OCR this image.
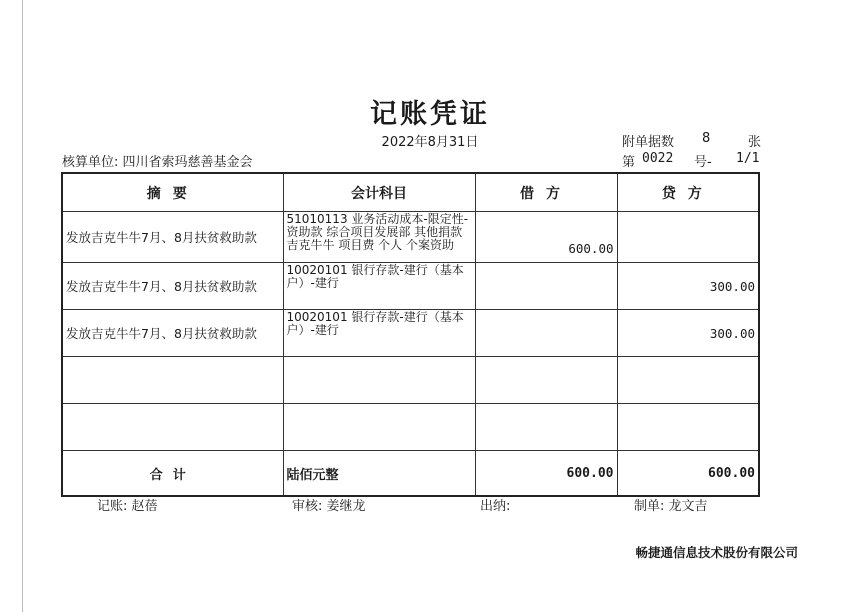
记账凭证
2022年8月31日	附单据数 8	张
核算单位: 四川省索玛慈善基金会	第 0022 号- 1/1
摘要	会计科目	借方	贷方
发放吉克牛牛7月、8月扶贫救助款	51010113 业务活动成本-限定性-资助款 综合项目发展部 其他捐款 吉克牛牛 项目费 个人 个案资助	600.00	
发放吉克牛牛7月、8月扶贫救助款	10020101 银行存款-建行（基本户）-建行		300.00
发放吉克牛牛7月、8月扶贫救助款	10020101 银行存款-建行（基本户）-建行		300.00

合计	陆佰元整	600.00	600.00
记账: 赵蓓	审核: 姜继龙	出纳:	制单: 龙文吉
畅捷通信息技术股份有限公司
